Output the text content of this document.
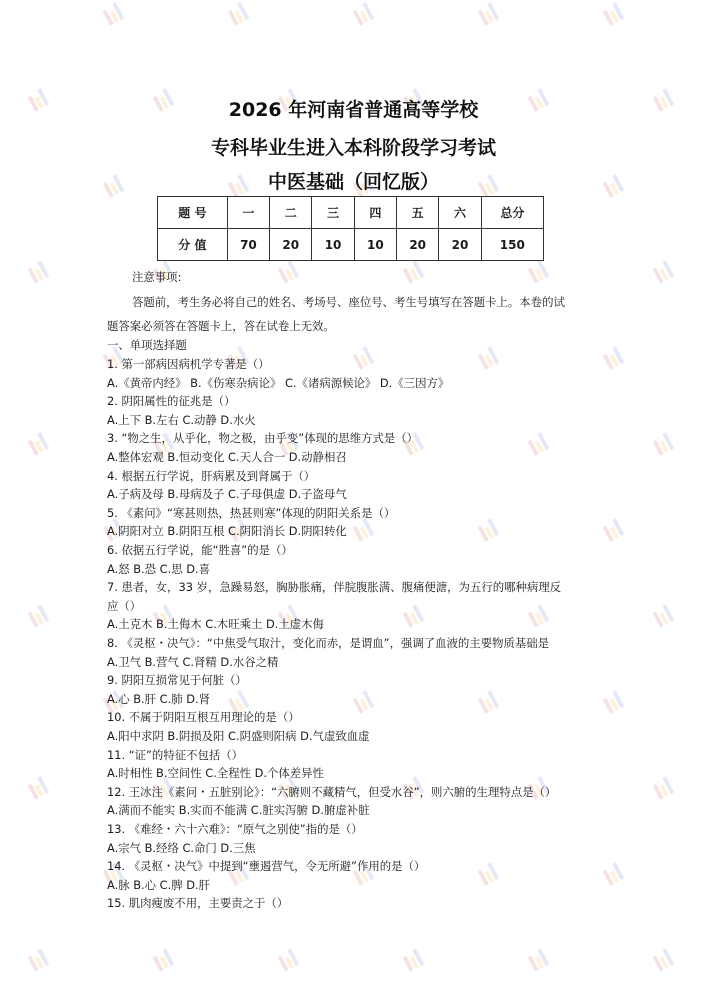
2026 年河南省普通高等学校
专科毕业生进入本科阶段学习考试
中医基础（回忆版）
题 号	一	二	三	四	五	六	总分
分 值	70	20	10	10	20	20	150
注意事项:
答题前，考生务必将自己的姓名、考场号、座位号、考生号填写在答题卡上。本卷的试
题答案必须答在答题卡上，答在试卷上无效。
一、单项选择题
1. 第一部病因病机学专著是（）
A.《黄帝内经》 B.《伤寒杂病论》 C.《诸病源候论》 D.《三因方》
2. 阴阳属性的征兆是（）
A.上下 B.左右 C.动静 D.水火
3. “物之生，从乎化，物之极，由乎变”体现的思维方式是（）
A.整体宏观 B.恒动变化 C.天人合一 D.动静相召
4. 根据五行学说，肝病累及到肾属于（）
A.子病及母 B.母病及子 C.子母俱虚 D.子盗母气
5. 《素问》“寒甚则热，热甚则寒”体现的阴阳关系是（）
A.阴阳对立 B.阴阳互根 C.阴阳消长 D.阴阳转化
6. 依据五行学说，能“胜喜”的是（）
A.怒 B.恐 C.思 D.喜
7. 患者，女，33 岁，急躁易怒，胸胁胀痛，伴脘腹胀满、腹痛便溏，为五行的哪种病理反
应（）
A.土克木 B.土侮木 C.木旺乘土 D.土虚木侮
8. 《灵枢・决气》：“中焦受气取汁，变化而赤，是谓血”，强调了血液的主要物质基础是
A.卫气 B.营气 C.肾精 D.水谷之精
9. 阴阳互损常见于何脏（）
A.心 B.肝 C.肺 D.肾
10. 不属于阴阳互根互用理论的是（）
A.阳中求阴 B.阴损及阳 C.阴盛则阳病 D.气虚致血虚
11. “证”的特征不包括（）
A.时相性 B.空间性 C.全程性 D.个体差异性
12. 王冰注《素问・五脏别论》：“六腑则不藏精气，但受水谷”，则六腑的生理特点是（）
A.满而不能实 B.实而不能满 C.脏实泻腑 D.腑虚补脏
13. 《难经・六十六难》：“原气之别使”指的是（）
A.宗气 B.经络 C.命门 D.三焦
14. 《灵枢・决气》中提到“壅遏营气，令无所避”作用的是（）
A.脉 B.心 C.脾 D.肝
15. 肌肉瘦废不用，主要责之于（）
